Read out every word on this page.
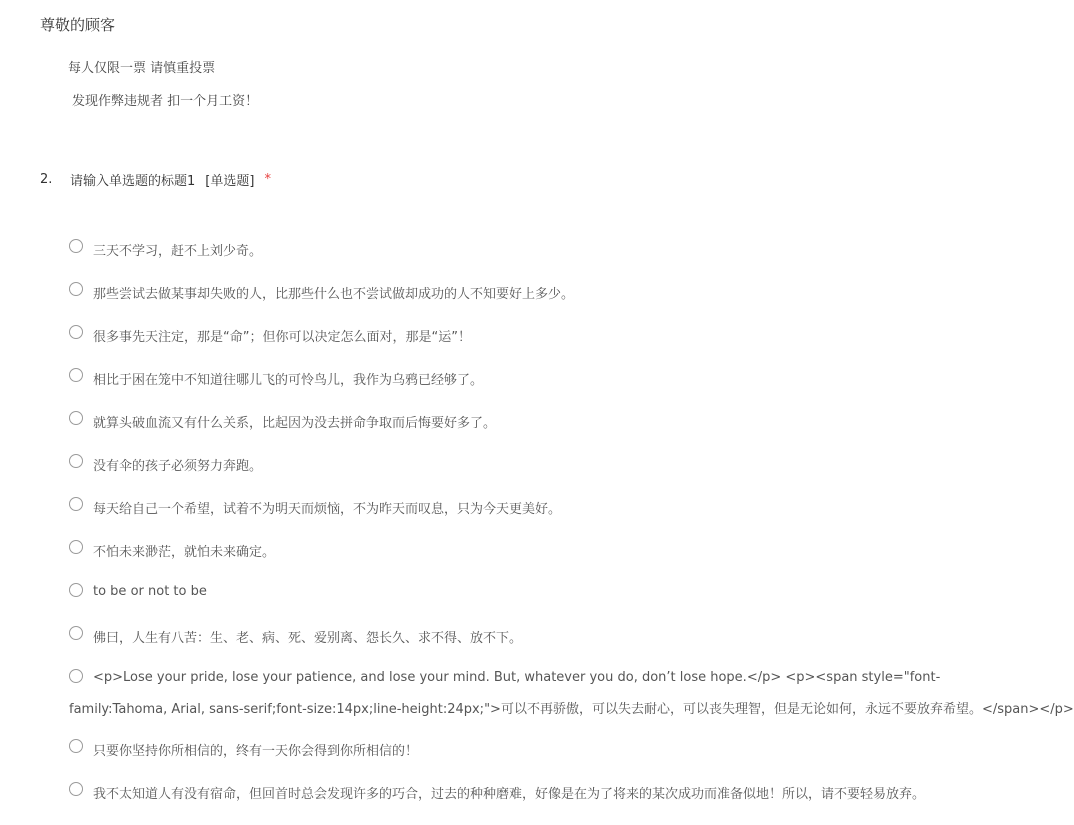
尊敬的顾客
每人仅限一票 请慎重投票
发现作弊违规者 扣一个月工资！
2.	请输入单选题的标题1 [单选题] *
三天不学习，赶不上刘少奇。
那些尝试去做某事却失败的人，比那些什么也不尝试做却成功的人不知要好上多少。
很多事先天注定，那是“命”；但你可以决定怎么面对，那是“运”！
相比于困在笼中不知道往哪儿飞的可怜鸟儿，我作为乌鸦已经够了。
就算头破血流又有什么关系，比起因为没去拼命争取而后悔要好多了。
没有伞的孩子必须努力奔跑。
每天给自己一个希望，试着不为明天而烦恼，不为昨天而叹息，只为今天更美好。
不怕未来渺茫，就怕未来确定。
to be or not to be
佛曰，人生有八苦：生、老、病、死、爱别离、怨长久、求不得、放不下。
<p>Lose your pride, lose your patience, and lose your mind. But, whatever you do, don’t lose hope.</p> <p><span style="font-
family:Tahoma, Arial, sans-serif;font-size:14px;line-height:24px;">可以不再骄傲，可以失去耐心，可以丧失理智，但是无论如何，永远不要放弃希望。</span></p>
只要你坚持你所相信的，终有一天你会得到你所相信的！
我不太知道人有没有宿命，但回首时总会发现许多的巧合，过去的种种磨难，好像是在为了将来的某次成功而准备似地！所以，请不要轻易放弃。
